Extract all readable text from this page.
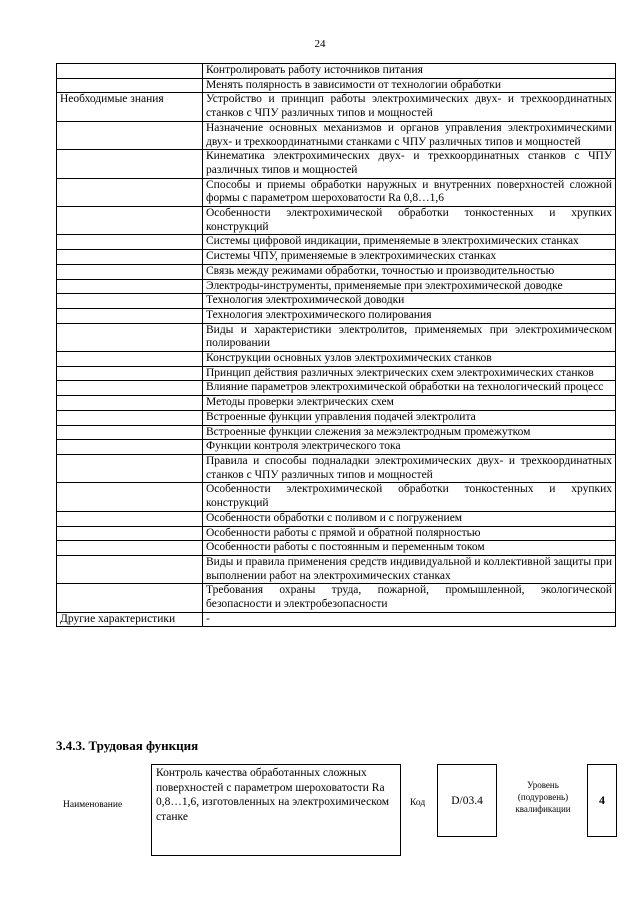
24
	Контролировать работу источников питания
	Менять полярность в зависимости от технологии обработки
Необходимые знания	Устройство и принцип работы электрохимических двух- и трехкоординатных станков с ЧПУ различных типов и мощностей
	Назначение основных механизмов и органов управления электрохимическими двух- и трехкоординатными станками с ЧПУ различных типов и мощностей
	Кинематика электрохимических двух- и трехкоординатных станков с ЧПУ различных типов и мощностей
	Способы и приемы обработки наружных и внутренних поверхностей сложной формы с параметром шероховатости Ra 0,8…1,6
	Особенности электрохимической обработки тонкостенных и хрупких конструкций
	Системы цифровой индикации, применяемые в электрохимических станках
	Системы ЧПУ, применяемые в электрохимических станках
	Связь между режимами обработки, точностью и производительностью
	Электроды-инструменты, применяемые при электрохимической доводке
	Технология электрохимической доводки
	Технология электрохимического полирования
	Виды и характеристики электролитов, применяемых при электрохимическом полировании
	Конструкции основных узлов электрохимических станков
	Принцип действия различных электрических схем электрохимических станков
	Влияние параметров электрохимической обработки на технологический процесс
	Методы проверки электрических схем
	Встроенные функции управления подачей электролита
	Встроенные функции слежения за межэлектродным промежутком
	Функции контроля электрического тока
	Правила и способы подналадки электрохимических двух- и трехкоординатных станков с ЧПУ различных типов и мощностей
	Особенности электрохимической обработки тонкостенных и хрупких конструкций
	Особенности обработки с поливом и с погружением
	Особенности работы с прямой и обратной полярностью
	Особенности работы с постоянным и переменным током
	Виды и правила применения средств индивидуальной и коллективной защиты при выполнении работ на электрохимических станках
	Требования охраны труда, пожарной, промышленной, экологической безопасности и электробезопасности
Другие характеристики	-
3.4.3. Трудовая функция
Наименование
Контроль качества обработанных сложных поверхностей с параметром шероховатости Ra 0,8…1,6, изготовленных на электрохимическом станке
Код D/03.4
Уровень (подуровень) квалификации
4
